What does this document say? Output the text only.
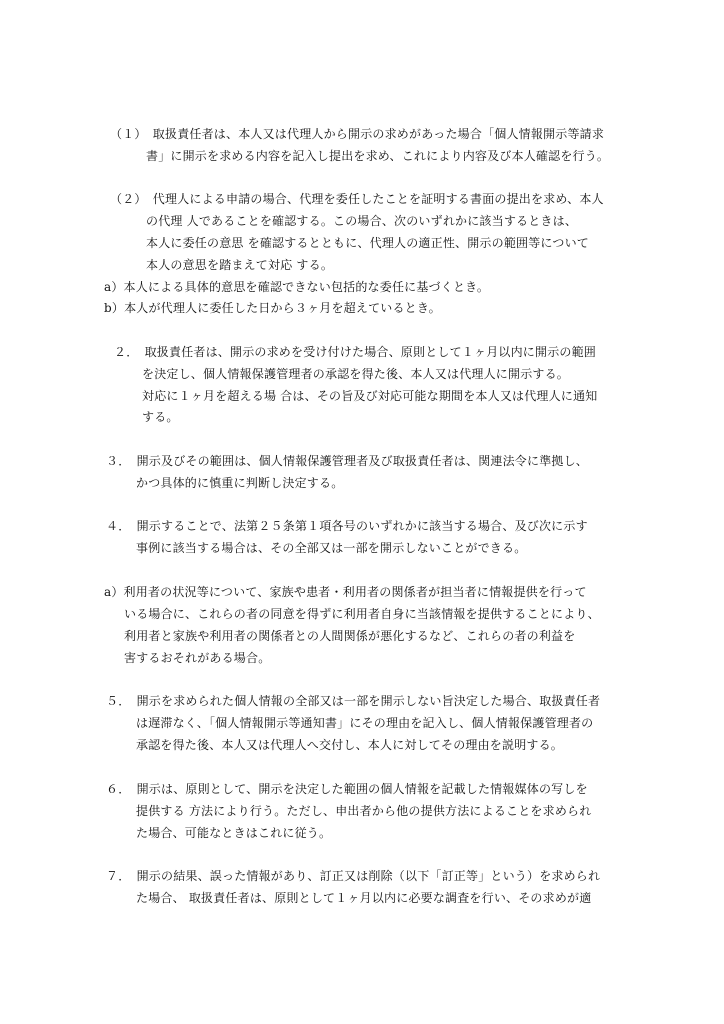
（１）　取扱責任者は、本人又は代理人から開示の求めがあった場合「個人情報開示等請求
書」に開示を求める内容を記入し提出を求め、これにより内容及び本人確認を行う。
（２）　代理人による申請の場合、代理を委任したことを証明する書面の提出を求め、本人
の代理 人であることを確認する。この場合、次のいずれかに該当するときは、
本人に委任の意思 を確認するとともに、代理人の適正性、開示の範囲等について
本人の意思を踏まえて対応 する。
a）本人による具体的意思を確認できない包括的な委任に基づくとき。
b）本人が代理人に委任した日から３ヶ月を超えているとき。
２．　取扱責任者は、開示の求めを受け付けた場合、原則として１ヶ月以内に開示の範囲
を決定し、個人情報保護管理者の承認を得た後、本人又は代理人に開示する。
対応に１ヶ月を超える場 合は、その旨及び対応可能な期間を本人又は代理人に通知
する。
３．　開示及びその範囲は、個人情報保護管理者及び取扱責任者は、関連法令に準拠し、
かつ具体的に慎重に判断し決定する。
４．　開示することで、法第２５条第１項各号のいずれかに該当する場合、及び次に示す
事例に該当する場合は、その全部又は一部を開示しないことができる。
a）利用者の状況等について、家族や患者・利用者の関係者が担当者に情報提供を行って
いる場合に、これらの者の同意を得ずに利用者自身に当該情報を提供することにより、
利用者と家族や利用者の関係者との人間関係が悪化するなど、これらの者の利益を
害するおそれがある場合。
５．　開示を求められた個人情報の全部又は一部を開示しない旨決定した場合、取扱責任者
は遅滞なく、「個人情報開示等通知書」にその理由を記入し、個人情報保護管理者の
承認を得た後、本人又は代理人へ交付し、本人に対してその理由を説明する。
６．　開示は、原則として、開示を決定した範囲の個人情報を記載した情報媒体の写しを
提供する 方法により行う。ただし、申出者から他の提供方法によることを求められ
た場合、可能なときはこれに従う。
７．　開示の結果、誤った情報があり、訂正又は削除（以下「訂正等」という）を求められ
た場合、 取扱責任者は、原則として１ヶ月以内に必要な調査を行い、その求めが適
